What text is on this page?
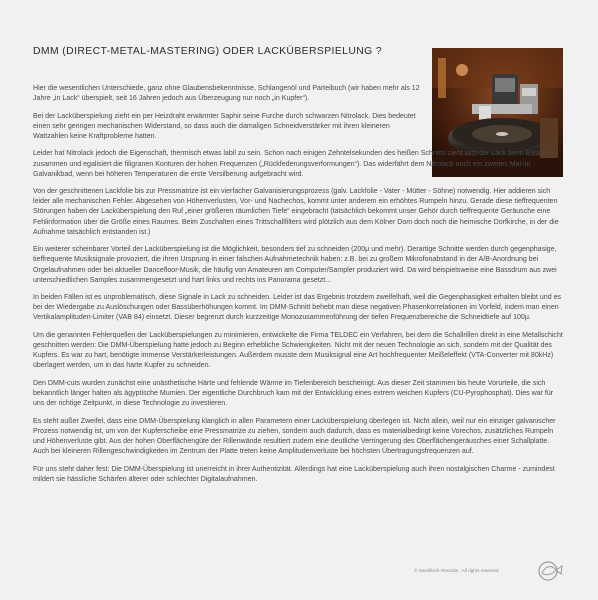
DMM (DIRECT-METAL-MASTERING) ODER LACKÜBERSPIELUNG ?

Hier die wesentlichen Unterschiede, ganz ohne Glaubensbekenntnisse, Schlangenöl und Parteibuch (wir haben mehr als 12 Jahre „in Lack“ überspielt, seit 16 Jahren jedoch aus Überzeugung nur noch „in Kupfer“).

Bei der Lacküberspielung zieht ein per Heizdraht erwärmter Saphir seine Furche durch schwarzen Nitrolack. Dies bedeutet einen sehr geringen mechanischen Widerstand, so dass auch die damaligen Schneidverstärker mit ihren kleineren Wattzahlen keine Kraftprobleme hatten.

Leider hat Nitrolack jedoch die Eigenschaft, thermisch etwas labil zu sein. Schon nach einigen Zehntelsekunden des heißen Schnitts zieht sich der Lack beim Erkalten zusammen und egalisiert die filigranen Konturen der hohen Frequenzen („Rückfederungsverformungen“). Das widerfährt dem Nitrolack noch ein zweites Mal im Galvanikbad, wenn bei höheren Temperaturen die erste Versilberung aufgebracht wird.

Von der geschnittenen Lackfolie bis zur Pressmatrize ist ein vierfacher Galvanisierungsprozess (galv. Lackfolie - Vater - Mütter - Söhne) notwendig. Hier addieren sich leider alle mechanischen Fehler. Abgesehen von Höhenverlusten, Vor- und Nachechos, kommt unter anderem ein erhöhtes Rumpeln hinzu. Gerade diese tieffrequenten Störungen haben der Lacküberspielung den Ruf „einer größeren räumlichen Tiefe“ eingebracht (tatsächlich bekommt unser Gehör durch tieffrequente Geräusche eine Fehlinformation über die Größe eines Raumes. Beim Zuschalten eines Trittschallfilters wird plötzlich aus dem Kölner Dom doch noch die heimische Dorfkirche, in der die Aufnahme tatsächlich entstanden ist.)

Ein weiterer scheinbarer Vorteil der Lacküberspielung ist die Möglichkeit, besonders tief zu schneiden (200μ und mehr). Derartige Schnitte werden durch gegenphasige, tieffrequente Musiksignale provoziert, die ihren Ursprung in einer falschen Aufnahmetechnik haben: z.B. bei zu großem Mikrofonabstand in der A/B-Anordnung bei Orgelaufnahmen oder bei aktueller Dancefloor-Musik, die häufig von Amateuren am Computer/Sampler produziert wird. Da wird beispielsweise eine Bassdrum aus zwei unterschiedlichen Samples zusammengesetzt und hart links und rechts ins Panorama gesetzt...

In beiden Fällen ist es unproblematisch, diese Signale in Lack zu schneiden. Leider ist das Ergebnis trotzdem zweifelhaft, weil die Gegenphasigkeit erhalten bleibt und es bei der Wiedergabe zu Auslöschungen oder Bassüberhöhungen kommt. Im DMM-Schnitt behebt man diese negativen Phasenkorrelationen im Vorfeld, indem man einen Vertikalamplituden-Limiter (VAB 84) einsetzt. Dieser begrenzt durch kurzzeitige Monozusammenführung der tiefen Frequenzbereiche die Schneidtiefe auf 100μ.

Um die genannten Fehlerquellen der Lacküberspielungen zu minimieren, entwickelte die Firma TELDEC ein Verfahren, bei dem die Schallrillen direkt in eine Metallschicht geschnitten werden: Die DMM-Überspielung hatte jedoch zu Beginn erhebliche Schwierigkeiten. Nicht mit der neuen Technologie an sich, sondern mit der Qualität des Kupfers. Es war zu hart, benötigte immense Verstärkerleistungen. Außerdem musste dem Musiksignal eine Art hochfrequenter Meißeleffekt (VTA-Converter mit 80kHz) überlagert werden, um in das harte Kupfer zu schneiden.

Den DMM-cuts wurden zunächst eine unästhetische Härte und fehlende Wärme im Tiefenbereich bescheinigt. Aus dieser Zeit stammen bis heute Vorurteile, die sich bekanntlich länger halten als ägyptische Mumien. Der eigentliche Durchbruch kam mit der Entwicklung eines extrem weichen Kupfers (CU-Pyrophosphat). Dies war für uns der richtige Zeitpunkt, in diese Technologie zu investieren.

Es steht außer Zweifel, dass eine DMM-Überspielung klanglich in allen Parametern einer Lacküberspielung überlegen ist. Nicht allein, weil nur ein einziger galvanischer Prozess notwendig ist, um von der Kupferscheibe eine Pressmatrize zu ziehen, sondern auch dadurch, dass es materialbedingt keine Vorechos, zusätzliches Rumpeln und Höhenverluste gibt. Aus der hohen Oberflächengüte der Rillenwände resultiert zudem eine deutliche Verringerung des Oberflächengeräusches einer Schallplatte. Auch bei kleineren Rillengeschwindigkeiten im Zentrum der Platte treten keine Amplitudenverluste bei höchsten Übertragungsfrequenzen auf.

Für uns steht daher fest: Die DMM-Überspielung ist unerreicht in ihrer Authentizität. Allerdings hat eine Lacküberspielung auch ihren nostalgischen Charme - zumindest mildert sie hässliche Schärfen älterer oder schlechter Digitalaufnahmen.

© Stockfisch Records · All rights reserved
